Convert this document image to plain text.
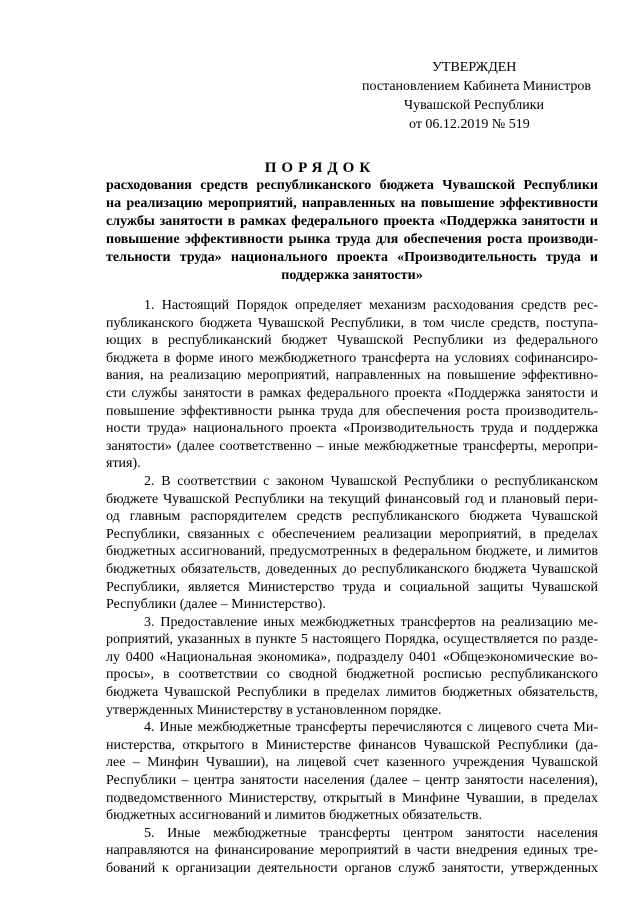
УТВЕРЖДЕН
постановлением Кабинета Министров
Чувашской Республики
от 06.12.2019 № 519
ПОРЯДОК
расходования средств республиканского бюджета Чувашской Республики
на реализацию мероприятий, направленных на повышение эффективности
службы занятости в рамках федерального проекта «Поддержка занятости и
повышение эффективности рынка труда для обеспечения роста производи-
тельности труда» национального проекта «Производительность труда и
поддержка занятости»
1. Настоящий Порядок определяет механизм расходования средств рес-
публиканского бюджета Чувашской Республики, в том числе средств, поступа-
ющих в республиканский бюджет Чувашской Республики из федерального
бюджета в форме иного межбюджетного трансферта на условиях софинансиро-
вания, на реализацию мероприятий, направленных на повышение эффективно-
сти службы занятости в рамках федерального проекта «Поддержка занятости и
повышение эффективности рынка труда для обеспечения роста производитель-
ности труда» национального проекта «Производительность труда и поддержка
занятости» (далее соответственно – иные межбюджетные трансферты, меропри-
ятия).
2. В соответствии с законом Чувашской Республики о республиканском
бюджете Чувашской Республики на текущий финансовый год и плановый пери-
од главным распорядителем средств республиканского бюджета Чувашской
Республики, связанных с обеспечением реализации мероприятий, в пределах
бюджетных ассигнований, предусмотренных в федеральном бюджете, и лимитов
бюджетных обязательств, доведенных до республиканского бюджета Чувашской
Республики, является Министерство труда и социальной защиты Чувашской
Республики (далее – Министерство).
3. Предоставление иных межбюджетных трансфертов на реализацию ме-
роприятий, указанных в пункте 5 настоящего Порядка, осуществляется по разде-
лу 0400 «Национальная экономика», подразделу 0401 «Общеэкономические во-
просы», в соответствии со сводной бюджетной росписью республиканского
бюджета Чувашской Республики в пределах лимитов бюджетных обязательств,
утвержденных Министерству в установленном порядке.
4. Иные межбюджетные трансферты перечисляются с лицевого счета Ми-
нистерства, открытого в Министерстве финансов Чувашской Республики (да-
лее – Минфин Чувашии), на лицевой счет казенного учреждения Чувашской
Республики – центра занятости населения (далее – центр занятости населения),
подведомственного Министерству, открытый в Минфине Чувашии, в пределах
бюджетных ассигнований и лимитов бюджетных обязательств.
5. Иные межбюджетные трансферты центром занятости населения
направляются на финансирование мероприятий в части внедрения единых тре-
бований к организации деятельности органов служб занятости, утвержденных
